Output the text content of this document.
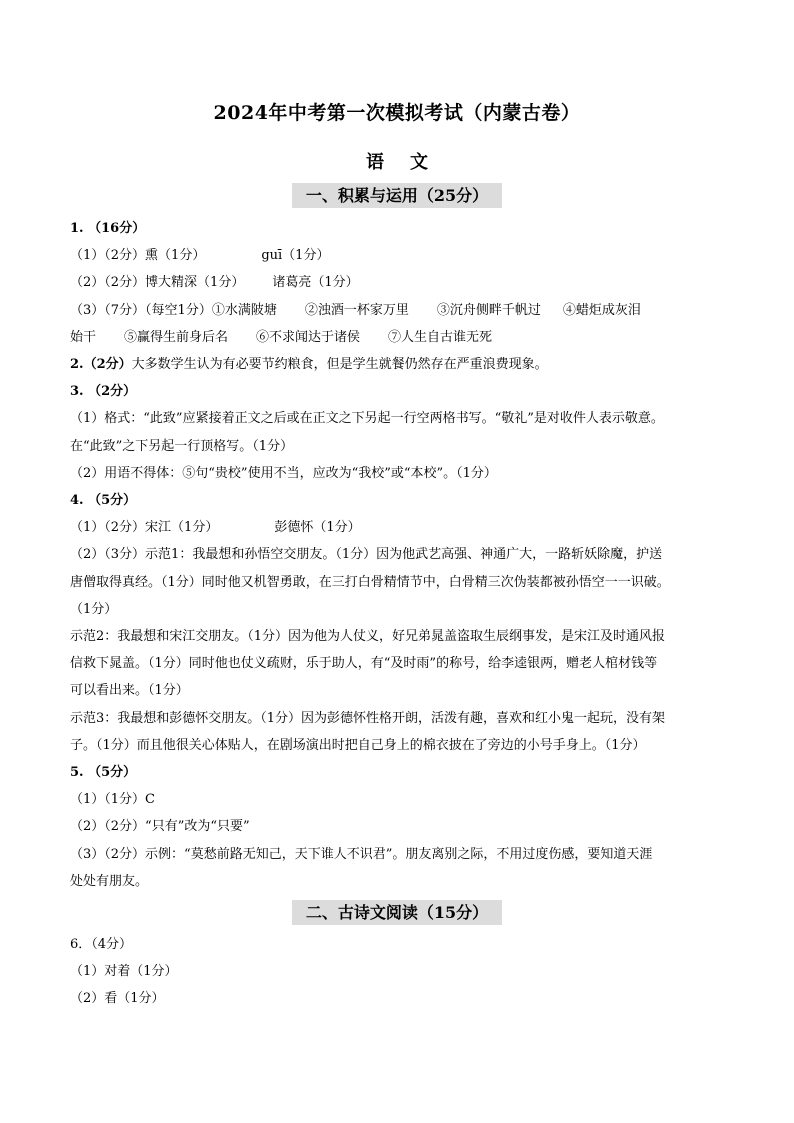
2024年中考第一次模拟考试（内蒙古卷）
语文
一、积累与运用（25分）
1. （16分）
（1）（2分）熏（1分）	guī（1分）
（2）（2分）博大精深（1分） 诸葛亮（1分）
（3）（7分）（每空1分）①水满陂塘 ②浊酒一杯家万里 ③沉舟侧畔千帆过 ④蜡炬成灰泪
始干 ⑤赢得生前身后名 ⑥不求闻达于诸侯 ⑦人生自古谁无死
2.（2分）大多数学生认为有必要节约粮食，但是学生就餐仍然存在严重浪费现象。
3. （2分）
（1）格式：“此致”应紧接着正文之后或在正文之下另起一行空两格书写。“敬礼”是对收件人表示敬意。
在“此致”之下另起一行顶格写。（1分）
（2）用语不得体：⑤句“贵校”使用不当，应改为“我校”或“本校”。（1分）
4. （5分）
（1）（2分）宋江（1分）	彭德怀（1分）
（2）（3分）示范1：我最想和孙悟空交朋友。（1分）因为他武艺高强、神通广大，一路斩妖除魔，护送
唐僧取得真经。（1分）同时他又机智勇敢，在三打白骨精情节中，白骨精三次伪装都被孙悟空一一识破。
（1分）
示范2：我最想和宋江交朋友。（1分）因为他为人仗义，好兄弟晁盖盗取生辰纲事发，是宋江及时通风报
信救下晁盖。（1分）同时他也仗义疏财，乐于助人，有“及时雨”的称号，给李逵银两，赠老人棺材钱等
可以看出来。（1分）
示范3：我最想和彭德怀交朋友。（1分）因为彭德怀性格开朗，活泼有趣，喜欢和红小鬼一起玩，没有架
子。（1分）而且他很关心体贴人，在剧场演出时把自己身上的棉衣披在了旁边的小号手身上。（1分）
5. （5分）
（1）（1分）C
（2）（2分）“只有”改为“只要”
（3）（2分）示例：“莫愁前路无知己，天下谁人不识君”。朋友离别之际，不用过度伤感，要知道天涯
处处有朋友。
二、古诗文阅读（15分）
6．（4分）
（1）对着（1分）
（2）看（1分）
